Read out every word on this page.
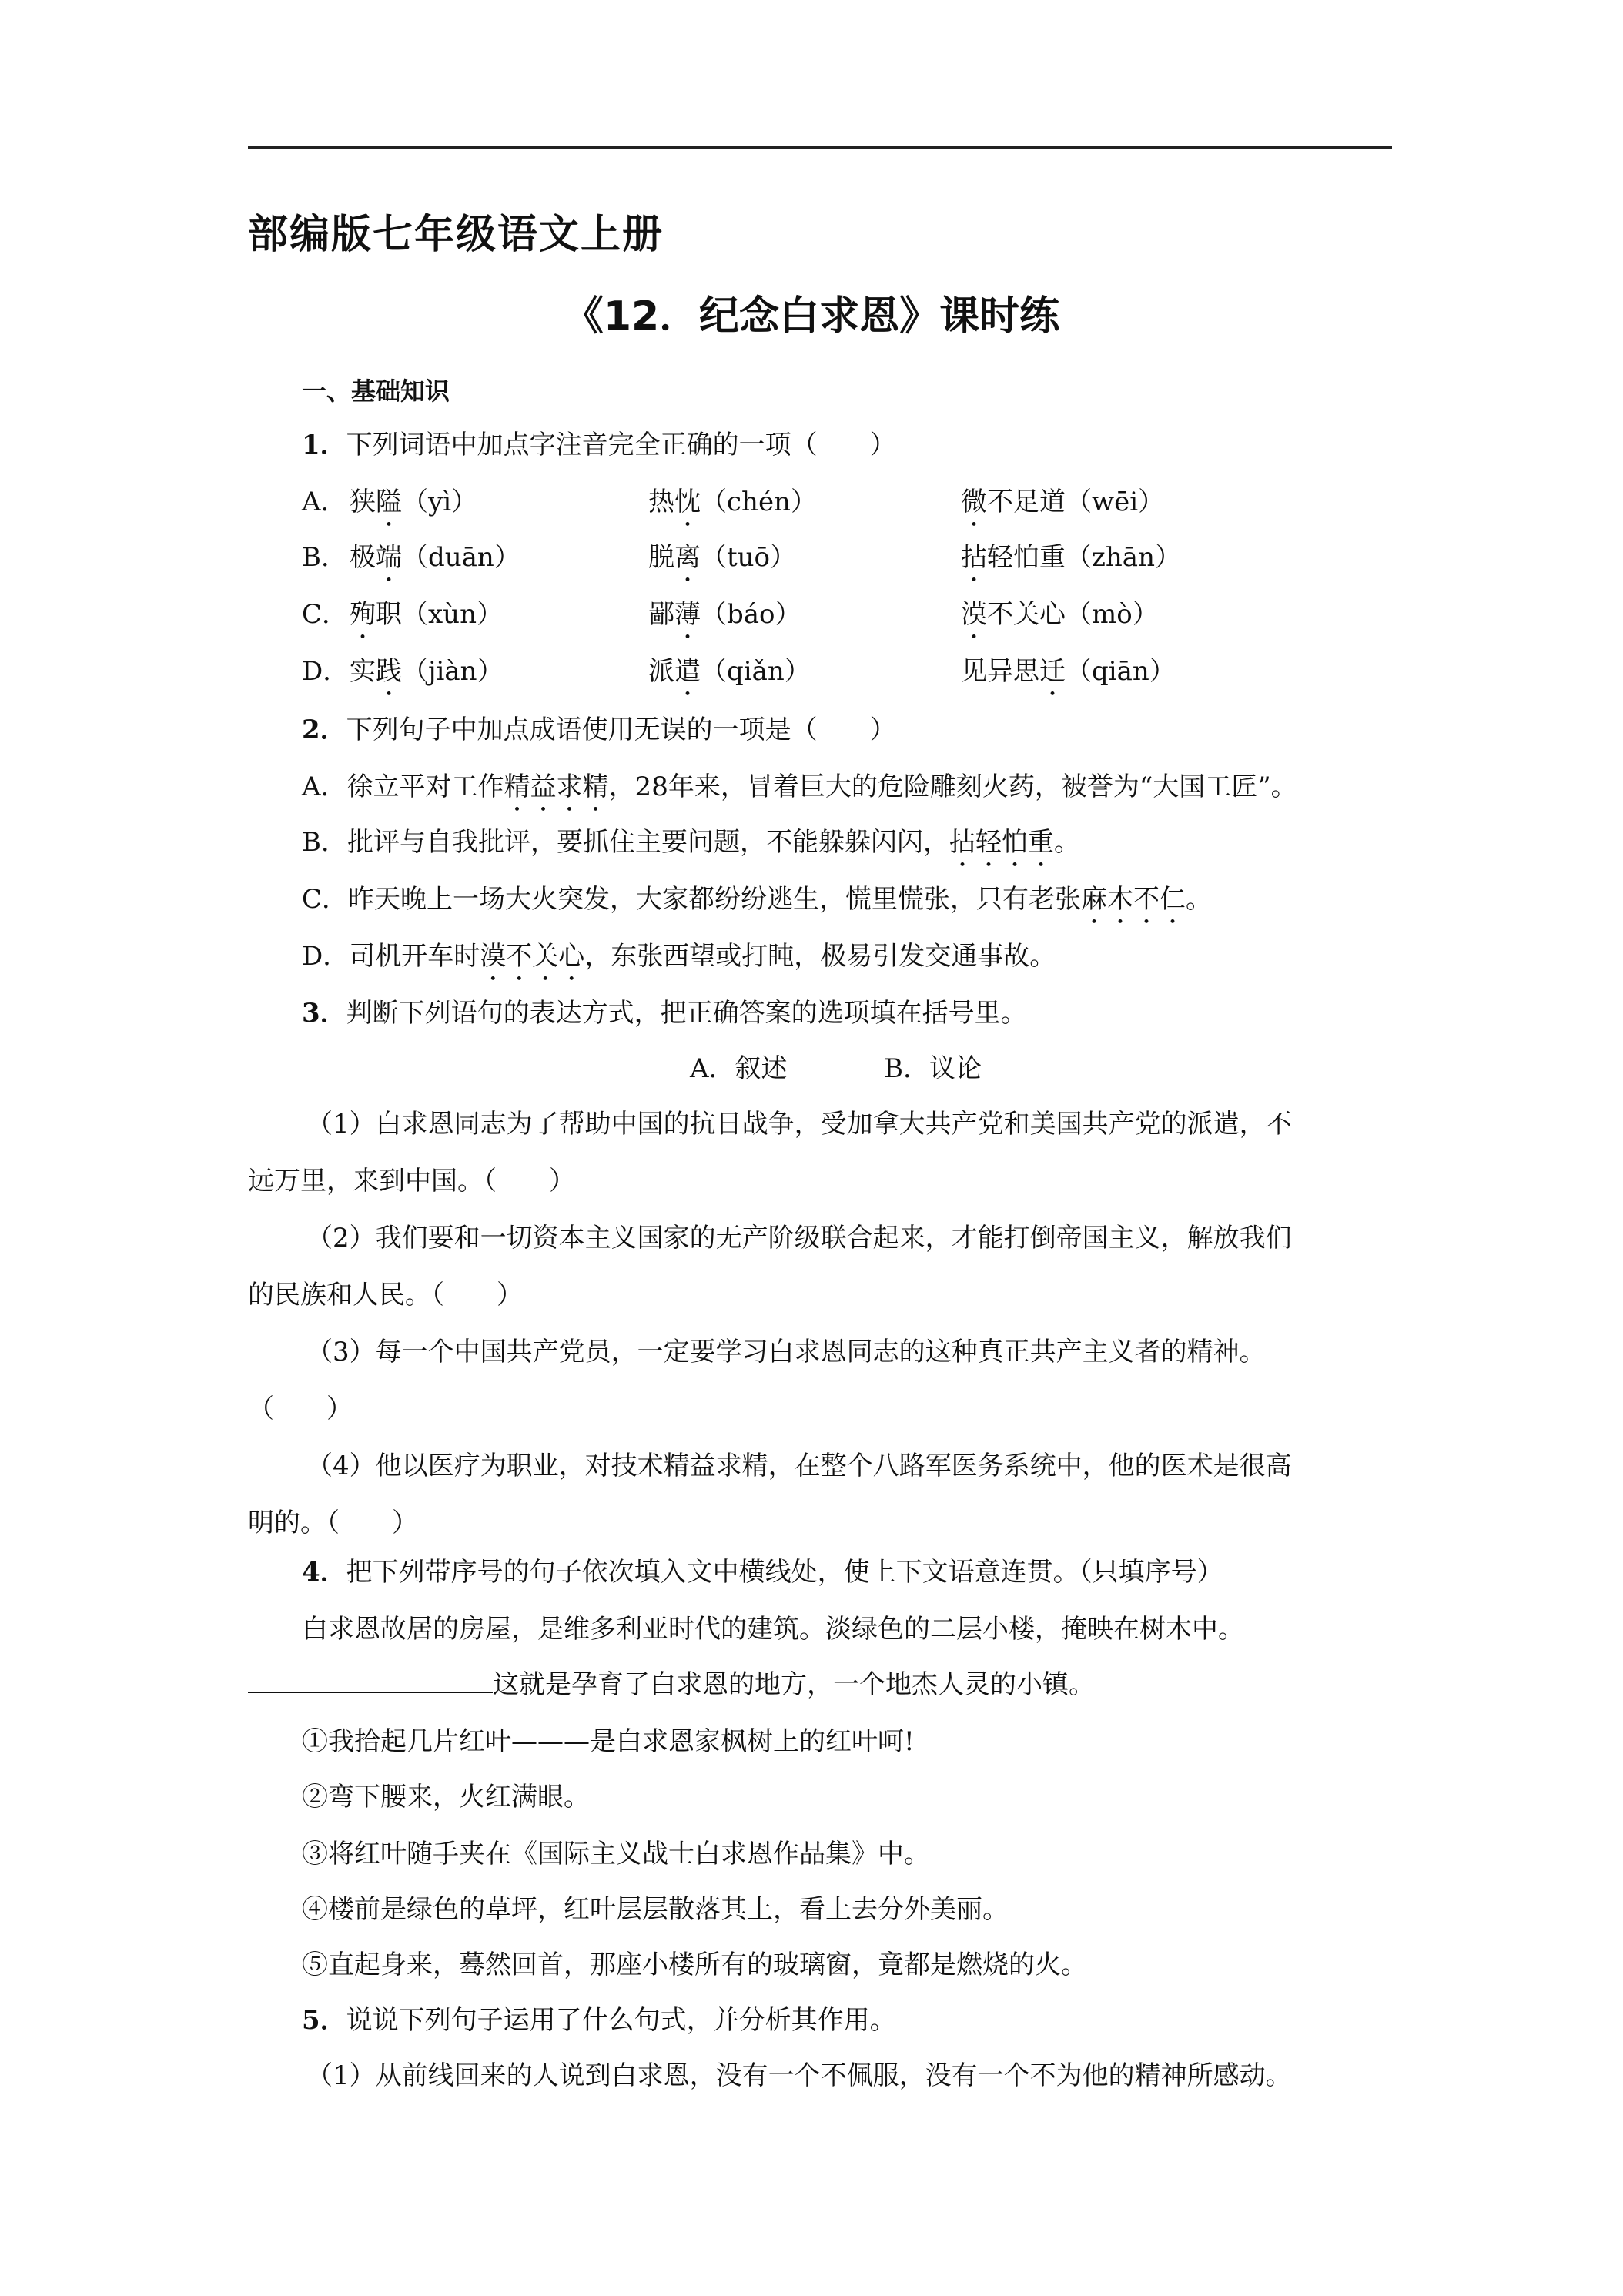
部编版七年级语文上册
《12．纪念白求恩》课时练
一、基础知识
1．下列词语中加点字注音完全正确的一项（　　）
A． 狭隘（yì）	热忱（chén）	微不足道（wēi）
B． 极端（duān）	脱离（tuō）	拈轻怕重（zhān）
C． 殉职（xùn）	鄙薄（báo）	漠不关心（mò）
D． 实践（jiàn）	派遣（qiǎn）	见异思迁（qiān）
2．下列句子中加点成语使用无误的一项是（　　）
A．徐立平对工作精益求精，28年来，冒着巨大的危险雕刻火药，被誉为“大国工匠”。
B．批评与自我批评，要抓住主要问题，不能躲躲闪闪，拈轻怕重。
C．昨天晚上一场大火突发，大家都纷纷逃生，慌里慌张，只有老张麻木不仁。
D．司机开车时漠不关心，东张西望或打盹，极易引发交通事故。
3．判断下列语句的表达方式，把正确答案的选项填在括号里。
A．叙述	B．议论
（1）白求恩同志为了帮助中国的抗日战争，受加拿大共产党和美国共产党的派遣，不
远万里，来到中国。（　　）
（2）我们要和一切资本主义国家的无产阶级联合起来，才能打倒帝国主义，解放我们
的民族和人民。（　　）
（3）每一个中国共产党员，一定要学习白求恩同志的这种真正共产主义者的精神。
（　　）
（4）他以医疗为职业，对技术精益求精，在整个八路军医务系统中，他的医术是很高
明的。（　　）
4．把下列带序号的句子依次填入文中横线处，使上下文语意连贯。（只填序号）
白求恩故居的房屋，是维多利亚时代的建筑。淡绿色的二层小楼，掩映在树木中。
这就是孕育了白求恩的地方，一个地杰人灵的小镇。
①我拾起几片红叶———是白求恩家枫树上的红叶呵!
②弯下腰来，火红满眼。
③将红叶随手夹在《国际主义战士白求恩作品集》中。
④楼前是绿色的草坪，红叶层层散落其上，看上去分外美丽。
⑤直起身来，蓦然回首，那座小楼所有的玻璃窗，竟都是燃烧的火。
5．说说下列句子运用了什么句式，并分析其作用。
（1）从前线回来的人说到白求恩，没有一个不佩服，没有一个不为他的精神所感动。
